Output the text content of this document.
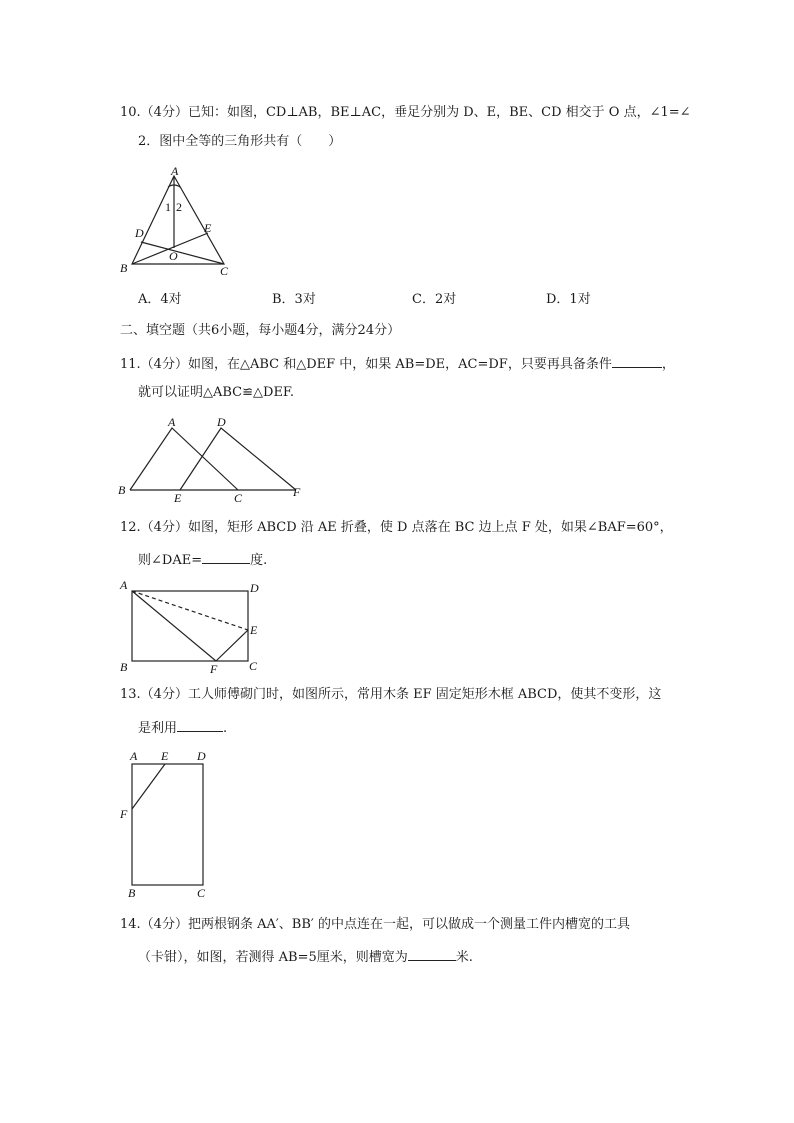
10.（4分）已知：如图，CD⊥AB，BE⊥AC，垂足分别为 D、E，BE、CD 相交于 O 点，∠1=∠
2．图中全等的三角形共有（　　）
A
B	C
D	E
O
1 2
A．4对	B．3对	C．2对	D．1对
二、填空题（共6小题，每小题4分，满分24分）
11.（4分）如图，在△ABC 和△DEF 中，如果 AB=DE，AC=DF，只要再具备条件	，
就可以证明△ABC≌△DEF.
A	D
B
E	C	F
12.（4分）如图，矩形 ABCD 沿 AE 折叠，使 D 点落在 BC 边上点 F 处，如果∠BAF=60°，
则∠DAE=	度.
A	D
E
B	F	C
13.（4分）工人师傅砌门时，如图所示，常用木条 EF 固定矩形木框 ABCD，使其不变形，这
是利用	.
A E D
F
B	C
14.（4分）把两根钢条 AA′、BB′ 的中点连在一起，可以做成一个测量工件内槽宽的工具
（卡钳），如图，若测得 AB=5厘米，则槽宽为	米.
